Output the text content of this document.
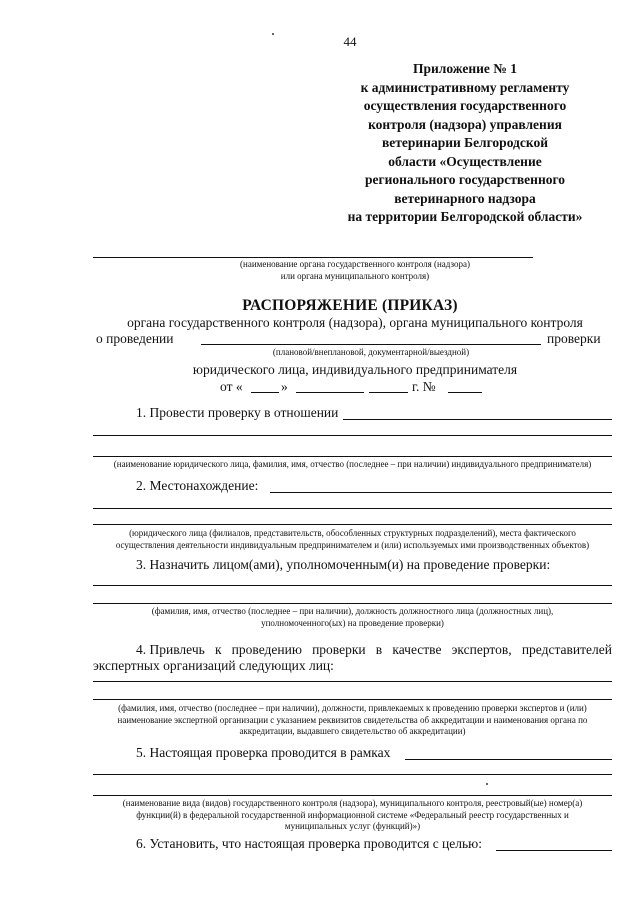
44
Приложение № 1
к административному регламенту
осуществления государственного
контроля (надзора) управления
ветеринарии Белгородской
области «Осуществление
регионального государственного
ветеринарного надзора
на территории Белгородской области»
(наименование органа государственного контроля (надзора)
или органа муниципального контроля)
РАСПОРЯЖЕНИЕ (ПРИКАЗ)
органа государственного контроля (надзора), органа муниципального контроля
о проведении	проверки
(плановой/внеплановой, документарной/выездной)
юридического лица, индивидуального предпринимателя
от «	»	г. №
1. Провести проверку в отношении
(наименование юридического лица, фамилия, имя, отчество (последнее – при наличии) индивидуального предпринимателя)
2. Местонахождение:
(юридического лица (филиалов, представительств, обособленных структурных подразделений), места фактического
осуществления деятельности индивидуальным предпринимателем и (или) используемых ими производственных объектов)
3. Назначить лицом(ами), уполномоченным(и) на проведение проверки:
(фамилия, имя, отчество (последнее – при наличии), должность должностного лица (должностных лиц),
уполномоченного(ых) на проведение проверки)
4. Привлечь к проведению проверки в качестве экспертов, представителей
экспертных организаций следующих лиц:
(фамилия, имя, отчество (последнее – при наличии), должности, привлекаемых к проведению проверки экспертов и (или)
наименование экспертной организации с указанием реквизитов свидетельства об аккредитации и наименования органа по
аккредитации, выдавшего свидетельство об аккредитации)
5. Настоящая проверка проводится в рамках
(наименование вида (видов) государственного контроля (надзора), муниципального контроля, реестровый(ые) номер(а)
функции(й) в федеральной государственной информационной системе «Федеральный реестр государственных и
муниципальных услуг (функций)»)
6. Установить, что настоящая проверка проводится с целью:
